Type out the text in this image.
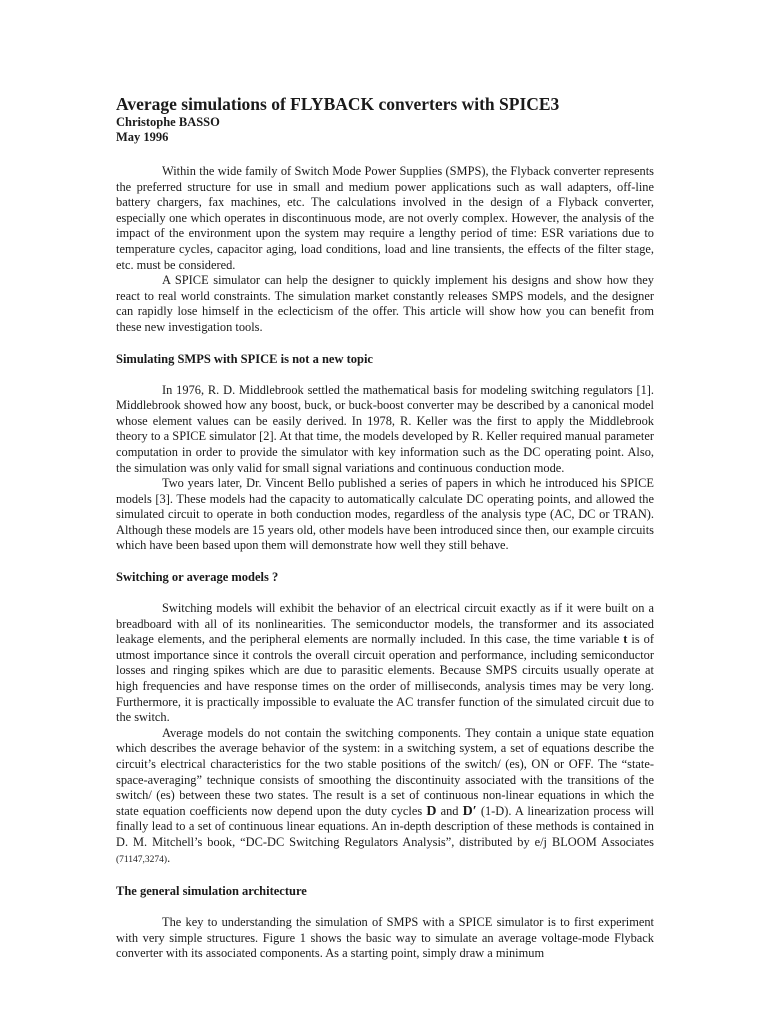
Average simulations of FLYBACK converters with SPICE3

Christophe BASSO

May 1996

Within the wide family of Switch Mode Power Supplies (SMPS), the Flyback converter represents the preferred structure for use in small and medium power applications such as wall adapters, off-line battery chargers, fax machines, etc. The calculations involved in the design of a Flyback converter, especially one which operates in discontinuous mode, are not overly complex. However, the analysis of the impact of the environment upon the system may require a lengthy period of time: ESR variations due to temperature cycles, capacitor aging, load conditions, load and line transients, the effects of the filter stage, etc. must be considered.

A SPICE simulator can help the designer to quickly implement his designs and show how they react to real world constraints. The simulation market constantly releases SMPS models, and the designer can rapidly lose himself in the eclecticism of the offer. This article will show how you can benefit from these new investigation tools.

Simulating SMPS with SPICE is not a new topic

In 1976, R. D. Middlebrook settled the mathematical basis for modeling switching regulators [1]. Middlebrook showed how any boost, buck, or buck-boost converter may be described by a canonical model whose element values can be easily derived. In 1978, R. Keller was the first to apply the Middlebrook theory to a SPICE simulator [2]. At that time, the models developed by R. Keller required manual parameter computation in order to provide the simulator with key information such as the DC operating point. Also, the simulation was only valid for small signal variations and continuous conduction mode.

Two years later, Dr. Vincent Bello published a series of papers in which he introduced his SPICE models [3]. These models had the capacity to automatically calculate DC operating points, and allowed the simulated circuit to operate in both conduction modes, regardless of the analysis type (AC, DC or TRAN). Although these models are 15 years old, other models have been introduced since then, our example circuits which have been based upon them will demonstrate how well they still behave.

Switching or average models ?

Switching models will exhibit the behavior of an electrical circuit exactly as if it were built on a breadboard with all of its nonlinearities. The semiconductor models, the transformer and its associated leakage elements, and the peripheral elements are normally included. In this case, the time variable t is of utmost importance since it controls the overall circuit operation and performance, including semiconductor losses and ringing spikes which are due to parasitic elements. Because SMPS circuits usually operate at high frequencies and have response times on the order of milliseconds, analysis times may be very long. Furthermore, it is practically impossible to evaluate the AC transfer function of the simulated circuit due to the switch.

Average models do not contain the switching components. They contain a unique state equation which describes the average behavior of the system: in a switching system, a set of equations describe the circuit’s electrical characteristics for the two stable positions of the switch/ (es), ON or OFF. The “state-space-averaging” technique consists of smoothing the discontinuity associated with the transitions of the switch/ (es) between these two states. The result is a set of continuous non-linear equations in which the state equation coefficients now depend upon the duty cycles D and D′ (1-D). A linearization process will finally lead to a set of continuous linear equations. An in-depth description of these methods is contained in D. M. Mitchell’s book, “DC-DC Switching Regulators Analysis”, distributed by e/j BLOOM Associates (71147,3274).

The general simulation architecture

The key to understanding the simulation of SMPS with a SPICE simulator is to first experiment with very simple structures. Figure 1 shows the basic way to simulate an average voltage-mode Flyback converter with its associated components. As a starting point, simply draw a minimum
